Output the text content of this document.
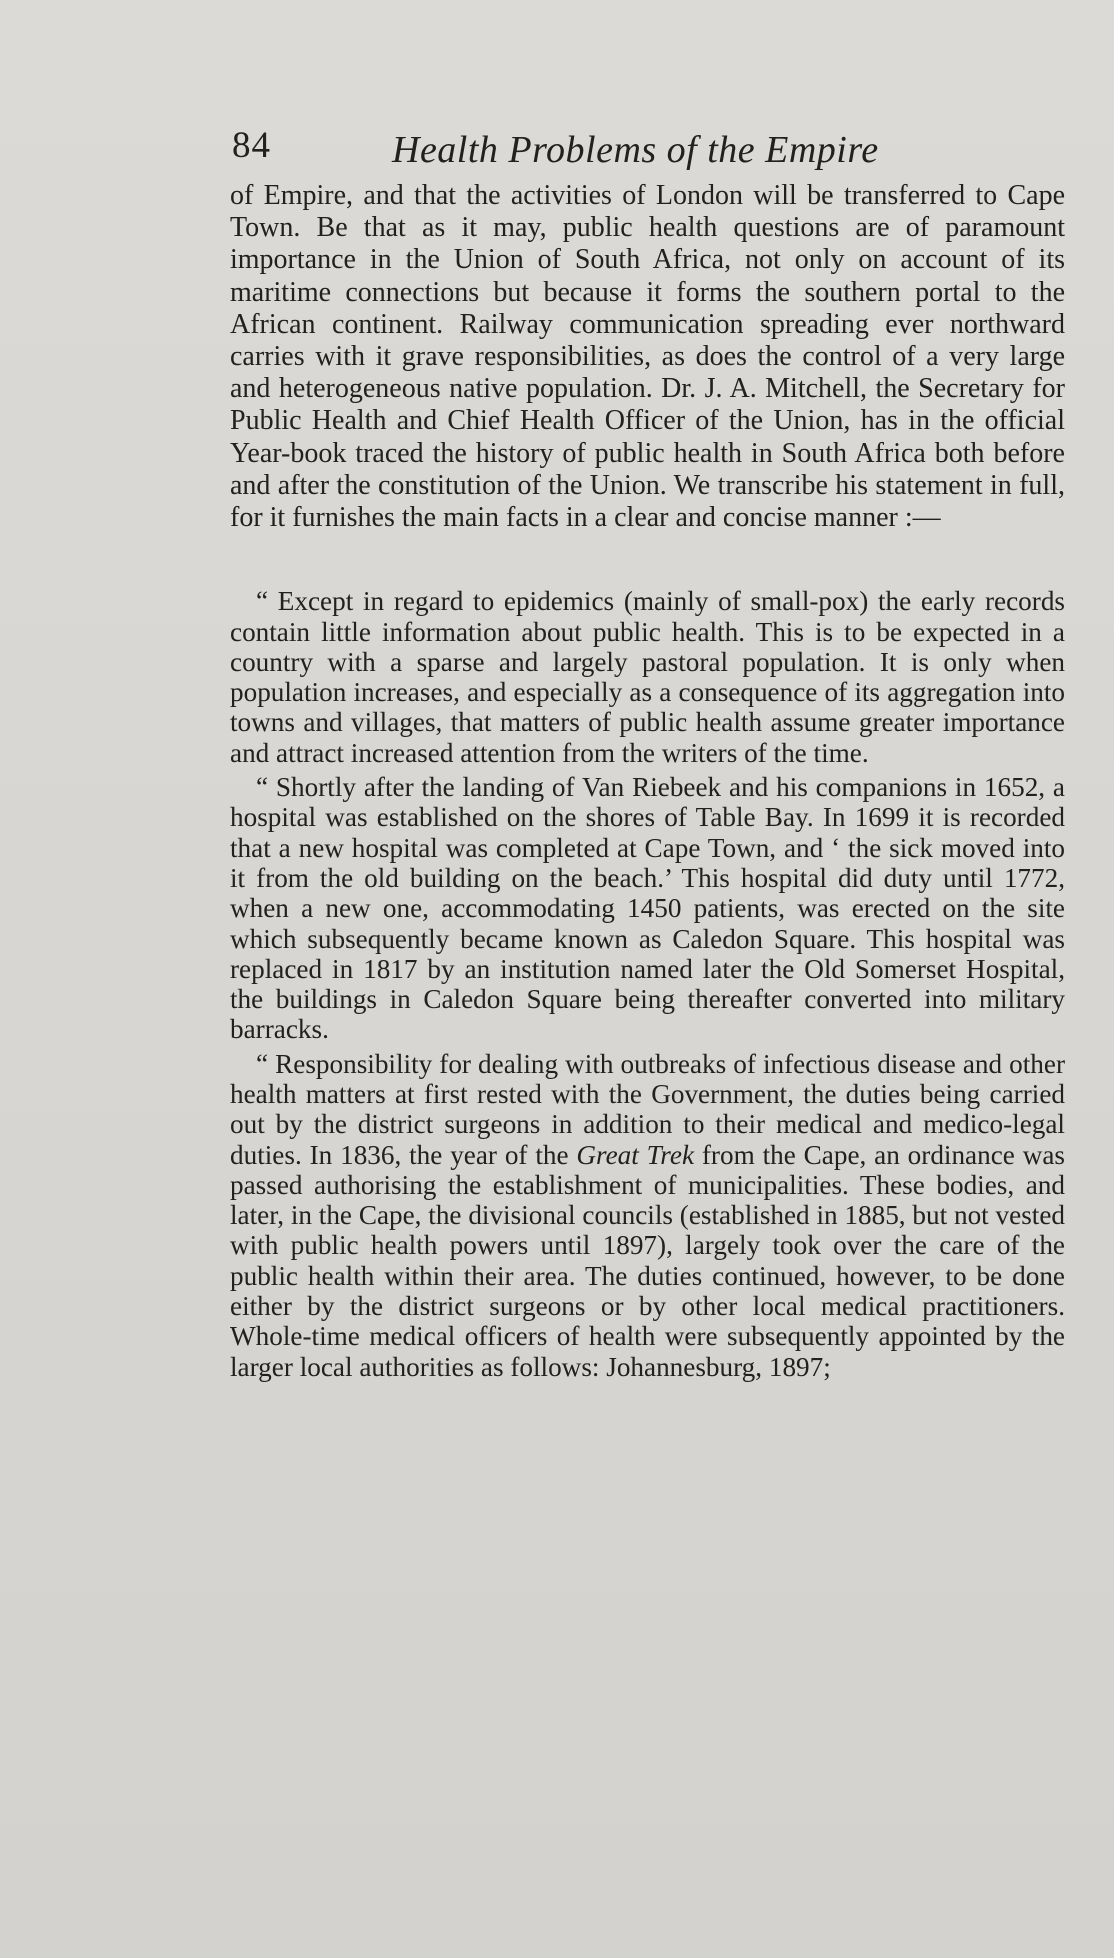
84	Health Problems of the Empire

of Empire, and that the activities of London will be transferred to Cape Town. Be that as it may, public health questions are of paramount importance in the Union of South Africa, not only on account of its maritime connections but because it forms the southern portal to the African continent. Railway communication spreading ever northward carries with it grave responsibilities, as does the control of a very large and heterogeneous native population. Dr. J. A. Mitchell, the Secretary for Public Health and Chief Health Officer of the Union, has in the official Year-book traced the history of public health in South Africa both before and after the constitution of the Union. We transcribe his statement in full, for it furnishes the main facts in a clear and concise manner :—

“ Except in regard to epidemics (mainly of small-pox) the early records contain little information about public health. This is to be expected in a country with a sparse and largely pastoral population. It is only when population increases, and especially as a consequence of its aggregation into towns and villages, that matters of public health assume greater importance and attract increased attention from the writers of the time.

“ Shortly after the landing of Van Riebeek and his companions in 1652, a hospital was established on the shores of Table Bay. In 1699 it is recorded that a new hospital was completed at Cape Town, and ‘ the sick moved into it from the old building on the beach.’ This hospital did duty until 1772, when a new one, accommodating 1450 patients, was erected on the site which subsequently became known as Caledon Square. This hospital was replaced in 1817 by an institution named later the Old Somerset Hospital, the buildings in Caledon Square being thereafter converted into military barracks.

“ Responsibility for dealing with outbreaks of infectious disease and other health matters at first rested with the Government, the duties being carried out by the district surgeons in addition to their medical and medico-legal duties. In 1836, the year of the Great Trek from the Cape, an ordinance was passed authorising the establishment of municipalities. These bodies, and later, in the Cape, the divisional councils (established in 1885, but not vested with public health powers until 1897), largely took over the care of the public health within their area. The duties continued, however, to be done either by the district surgeons or by other local medical practitioners. Whole-time medical officers of health were subsequently appointed by the larger local authorities as follows: Johannesburg, 1897;
